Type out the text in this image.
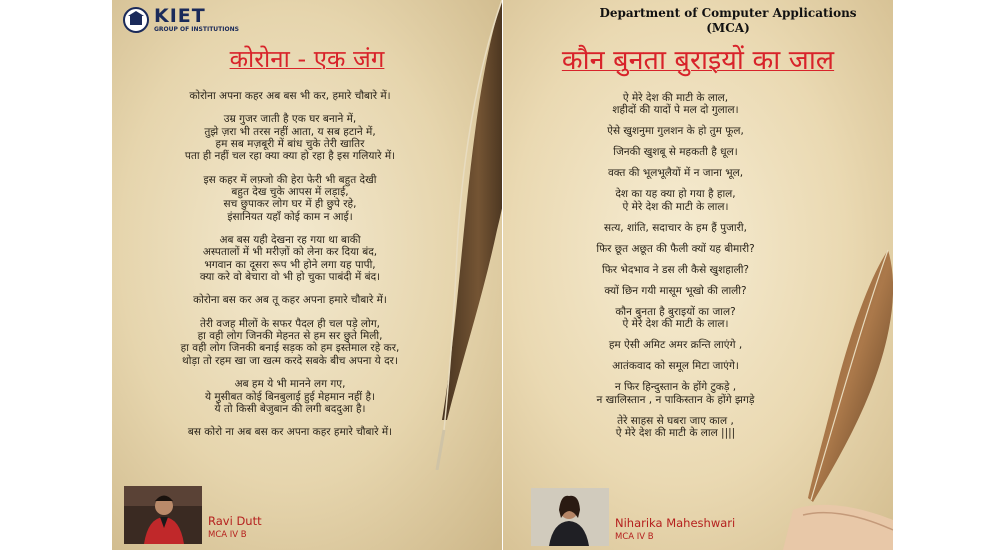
KIET
GROUP OF INSTITUTIONS
कोरोना - एक जंग
कोरोना अपना कहर अब बस भी कर, हमारे चौबारे में।
उम्र गुजर जाती है एक घर बनाने में,
तुझे ज़रा भी तरस नहीं आता, य सब हटाने में,
हम सब मज़बूरी में बांध चुके तेरी खातिर
पता ही नहीं चल रहा क्या क्या हो रहा है इस गलियारे में।
इस कहर में लफ़्जो की हेरा फेरी भी बहुत देखी
बहुत देख चुके आपस में लड़ाई,
सच छुपाकर लोग घर में ही छुपे रहे,
इंसानियत यहाँ कोई काम न आई।
अब बस यही देखना रह गया था बाकी
अस्पतालों में भी मरीज़ों को लेना कर दिया बंद,
भगवान का दूसरा रूप भी होने लगा यह पापी,
क्या करे वो बेचारा वो भी हो चुका पाबंदी में बंद।
कोरोना बस कर अब तू कहर अपना हमारे चौबारे में।
तेरी वजह मीलों के सफर पैदल ही चल पड़े लोग,
हा वही लोग जिनकी मेहनत से हम सर छुते मिली,
हा वही लोग जिनकी बनाई सड़क को हम इस्तेमाल रहे कर,
थोड़ा तो रहम खा जा खत्म करदे सबके बीच अपना ये दर।
अब हम ये भी मानने लग गए,
ये मुसीबत कोई बिनबुलाई हुई मेहमान नहीं है।
ये तो किसी बेजुबान की लगी बददुआ है।
बस कोरो ना अब बस कर अपना कहर हमारे चौबारे में।
Ravi Dutt
MCA IV B
Department of Computer Applications
(MCA)
कौन बुनता बुराइयों का जाल
ऐ मेरे देश की माटी के लाल,
शहीदों की यादों पे मल दो गुलाल।
ऐसे खुशनुमा गुलशन के हो तुम फूल,
जिनकी खुशबू से महकती है धूल।
वक्त की भूलभूलैयों में न जाना भूल,
देश का यह क्या हो गया है हाल,
ऐ मेरे देश की माटी के लाल।
सत्य, शांति, सदाचार के हम हैं पुजारी,
फिर छूत अछूत की फैली क्यों यह बीमारी?
फिर भेदभाव ने डस ली कैसे खुशहाली?
क्यों छिन गयी मासूम भूखो की लाली?
कौन बुनता है बुराइयों का जाल?
ऐ मेरे देश की माटी के लाल।
हम ऐसी अमिट अमर क्रन्ति लाएंगे ,
आतंकवाद को समूल मिटा जाएंगे।
न फिर हिन्दुस्तान के होंगे टुकड़े ,
न खालिस्तान , न पाकिस्तान के होंगे झगड़े
तेरे साहस से घबरा जाए काल ,
ऐ मेरे देश की माटी के लाल ||||
Niharika Maheshwari
MCA IV B
